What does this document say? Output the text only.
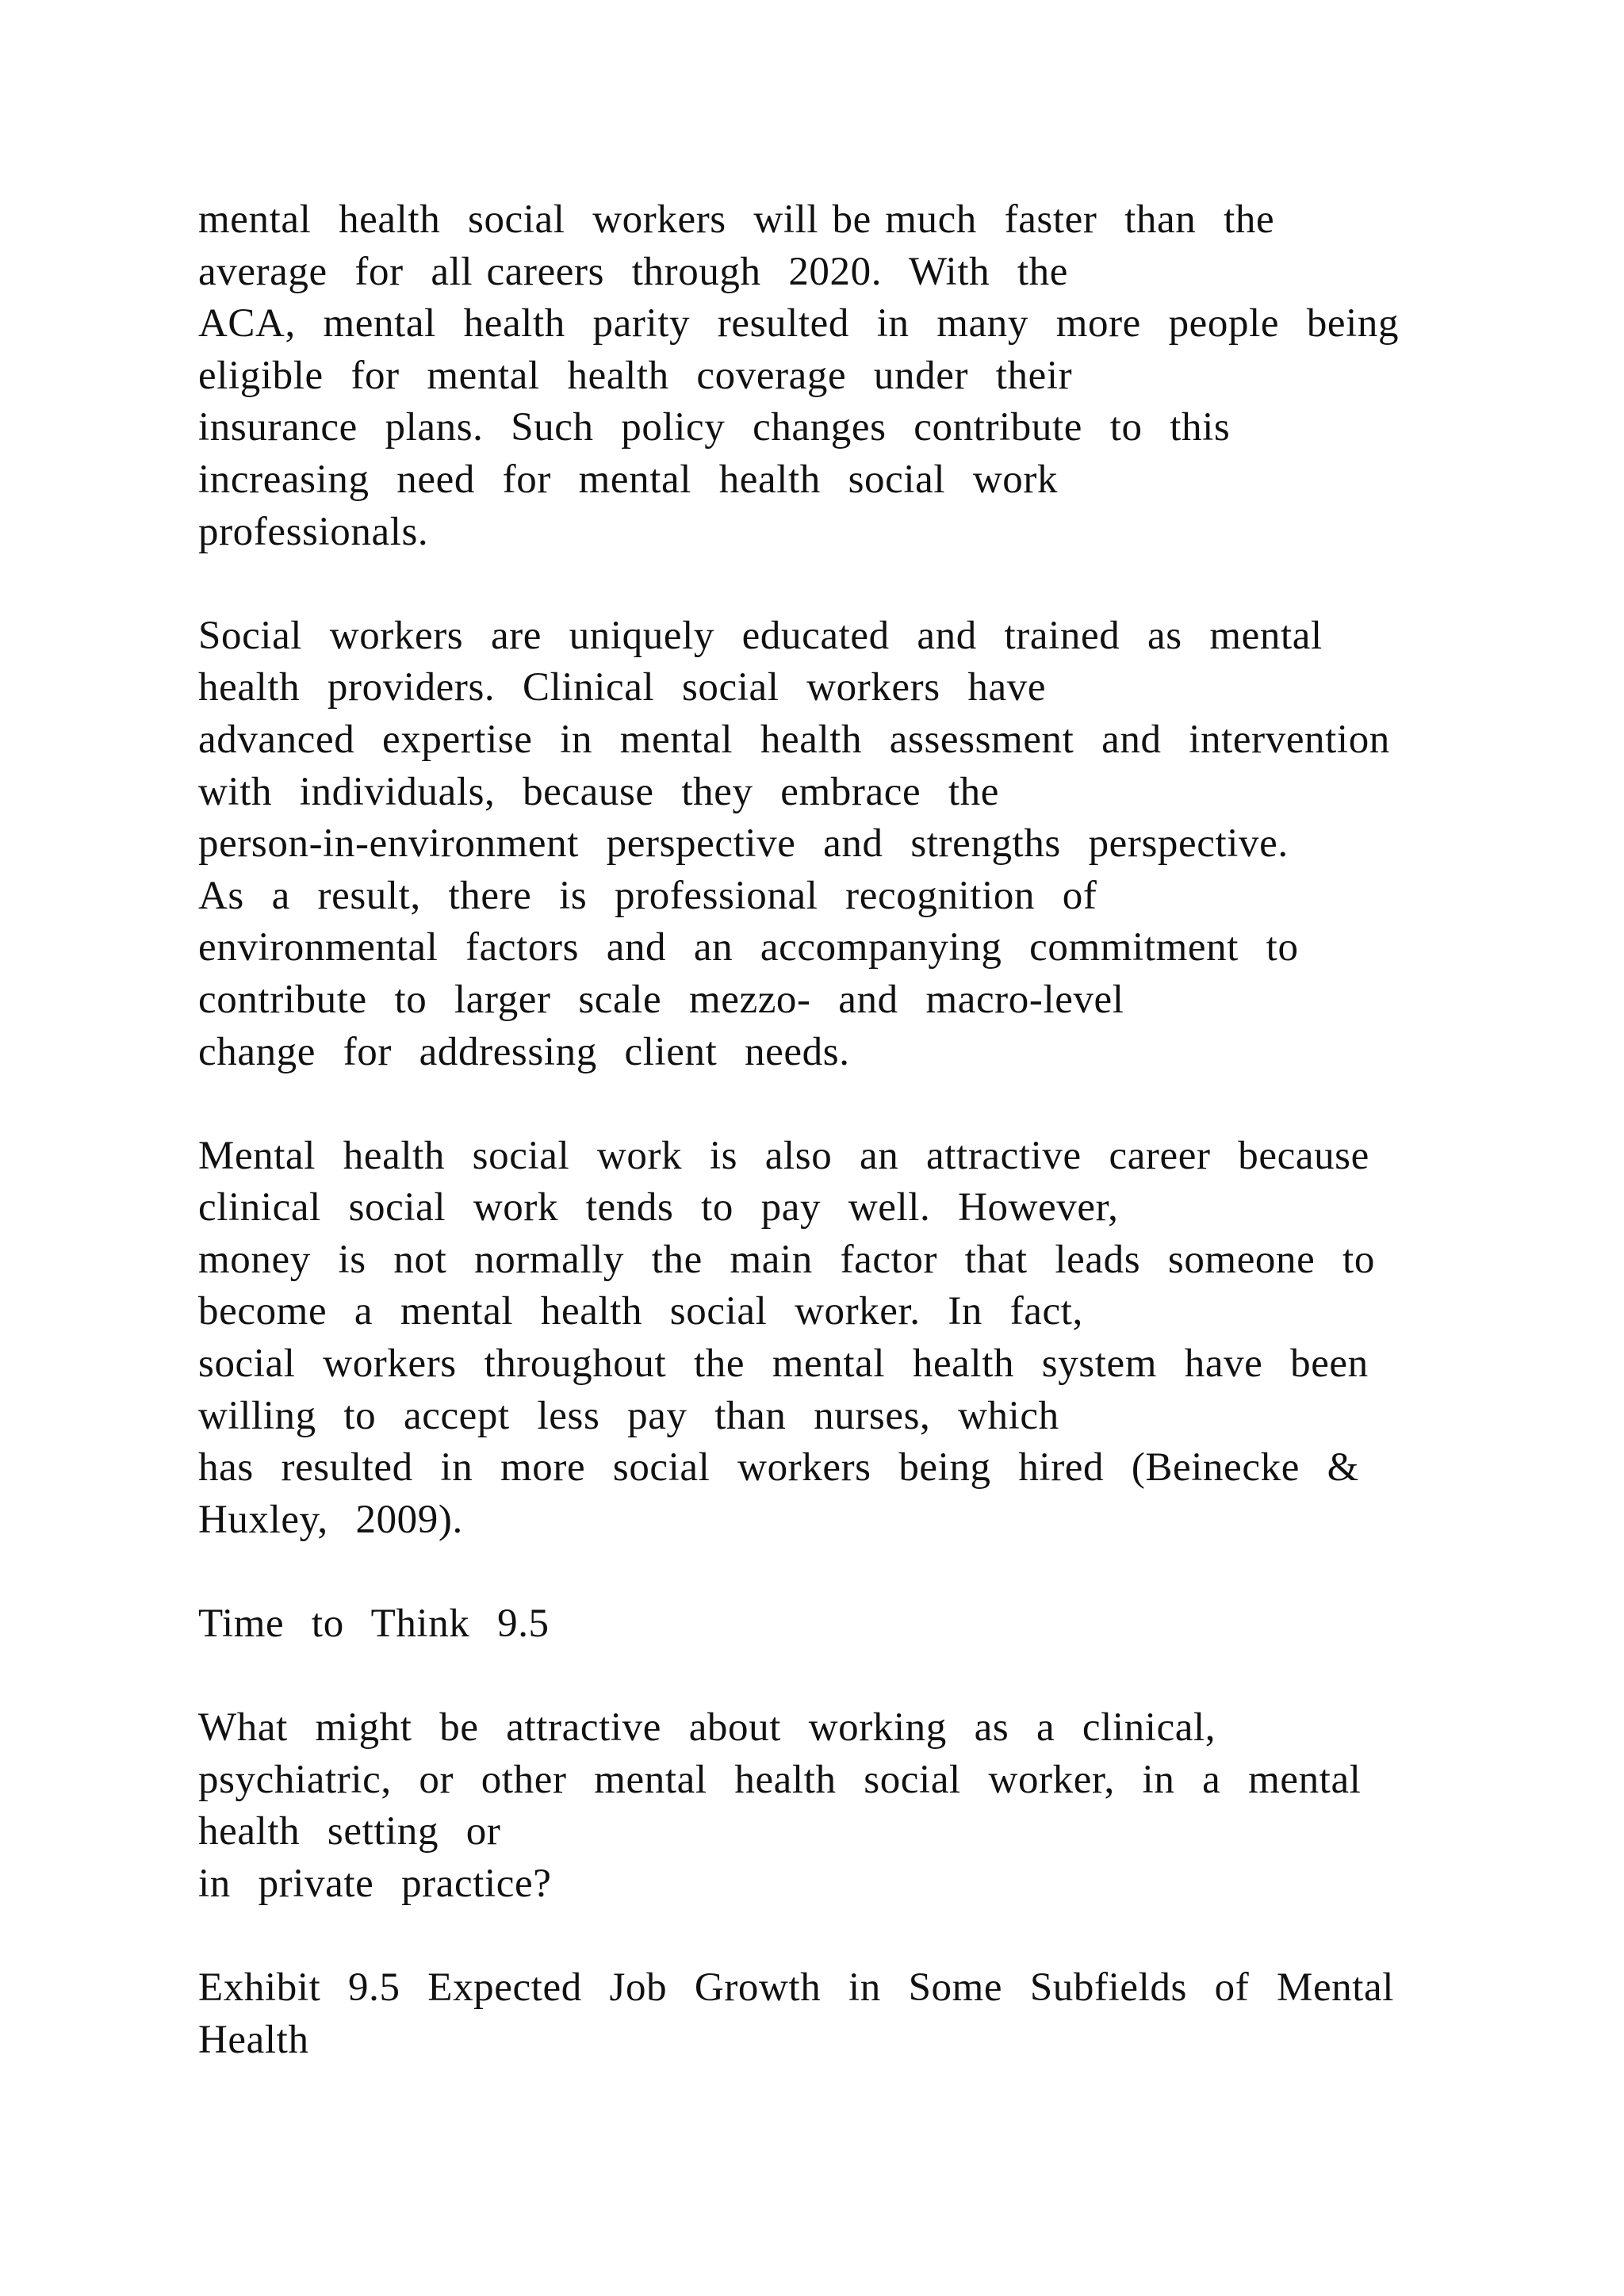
mental  health  social  workers  will be much  faster  than  the
average  for  all careers  through  2020.  With  the
ACA,  mental  health  parity  resulted  in  many  more  people  being
eligible  for  mental  health  coverage  under  their
insurance  plans.  Such  policy  changes  contribute  to  this
increasing  need  for  mental  health  social  work
professionals.
Social  workers  are  uniquely  educated  and  trained  as  mental
health  providers.  Clinical  social  workers  have
advanced  expertise  in  mental  health  assessment  and  intervention
with  individuals,  because  they  embrace  the
person-in-environment  perspective  and  strengths  perspective.
As  a  result,  there  is  professional  recognition  of
environmental  factors  and  an  accompanying  commitment  to
contribute  to  larger  scale  mezzo-  and  macro-level
change  for  addressing  client  needs.
Mental  health  social  work  is  also  an  attractive  career  because
clinical  social  work  tends  to  pay  well.  However,
money  is  not  normally  the  main  factor  that  leads  someone  to
become  a  mental  health  social  worker.  In  fact,
social  workers  throughout  the  mental  health  system  have  been
willing  to  accept  less  pay  than  nurses,  which
has  resulted  in  more  social  workers  being  hired  (Beinecke  &
Huxley,  2009).
Time  to  Think  9.5
What  might  be  attractive  about  working  as  a  clinical,
psychiatric,  or  other  mental  health  social  worker,  in  a  mental
health  setting  or
in  private  practice?
Exhibit  9.5  Expected  Job  Growth  in  Some  Subfields  of  Mental
Health
